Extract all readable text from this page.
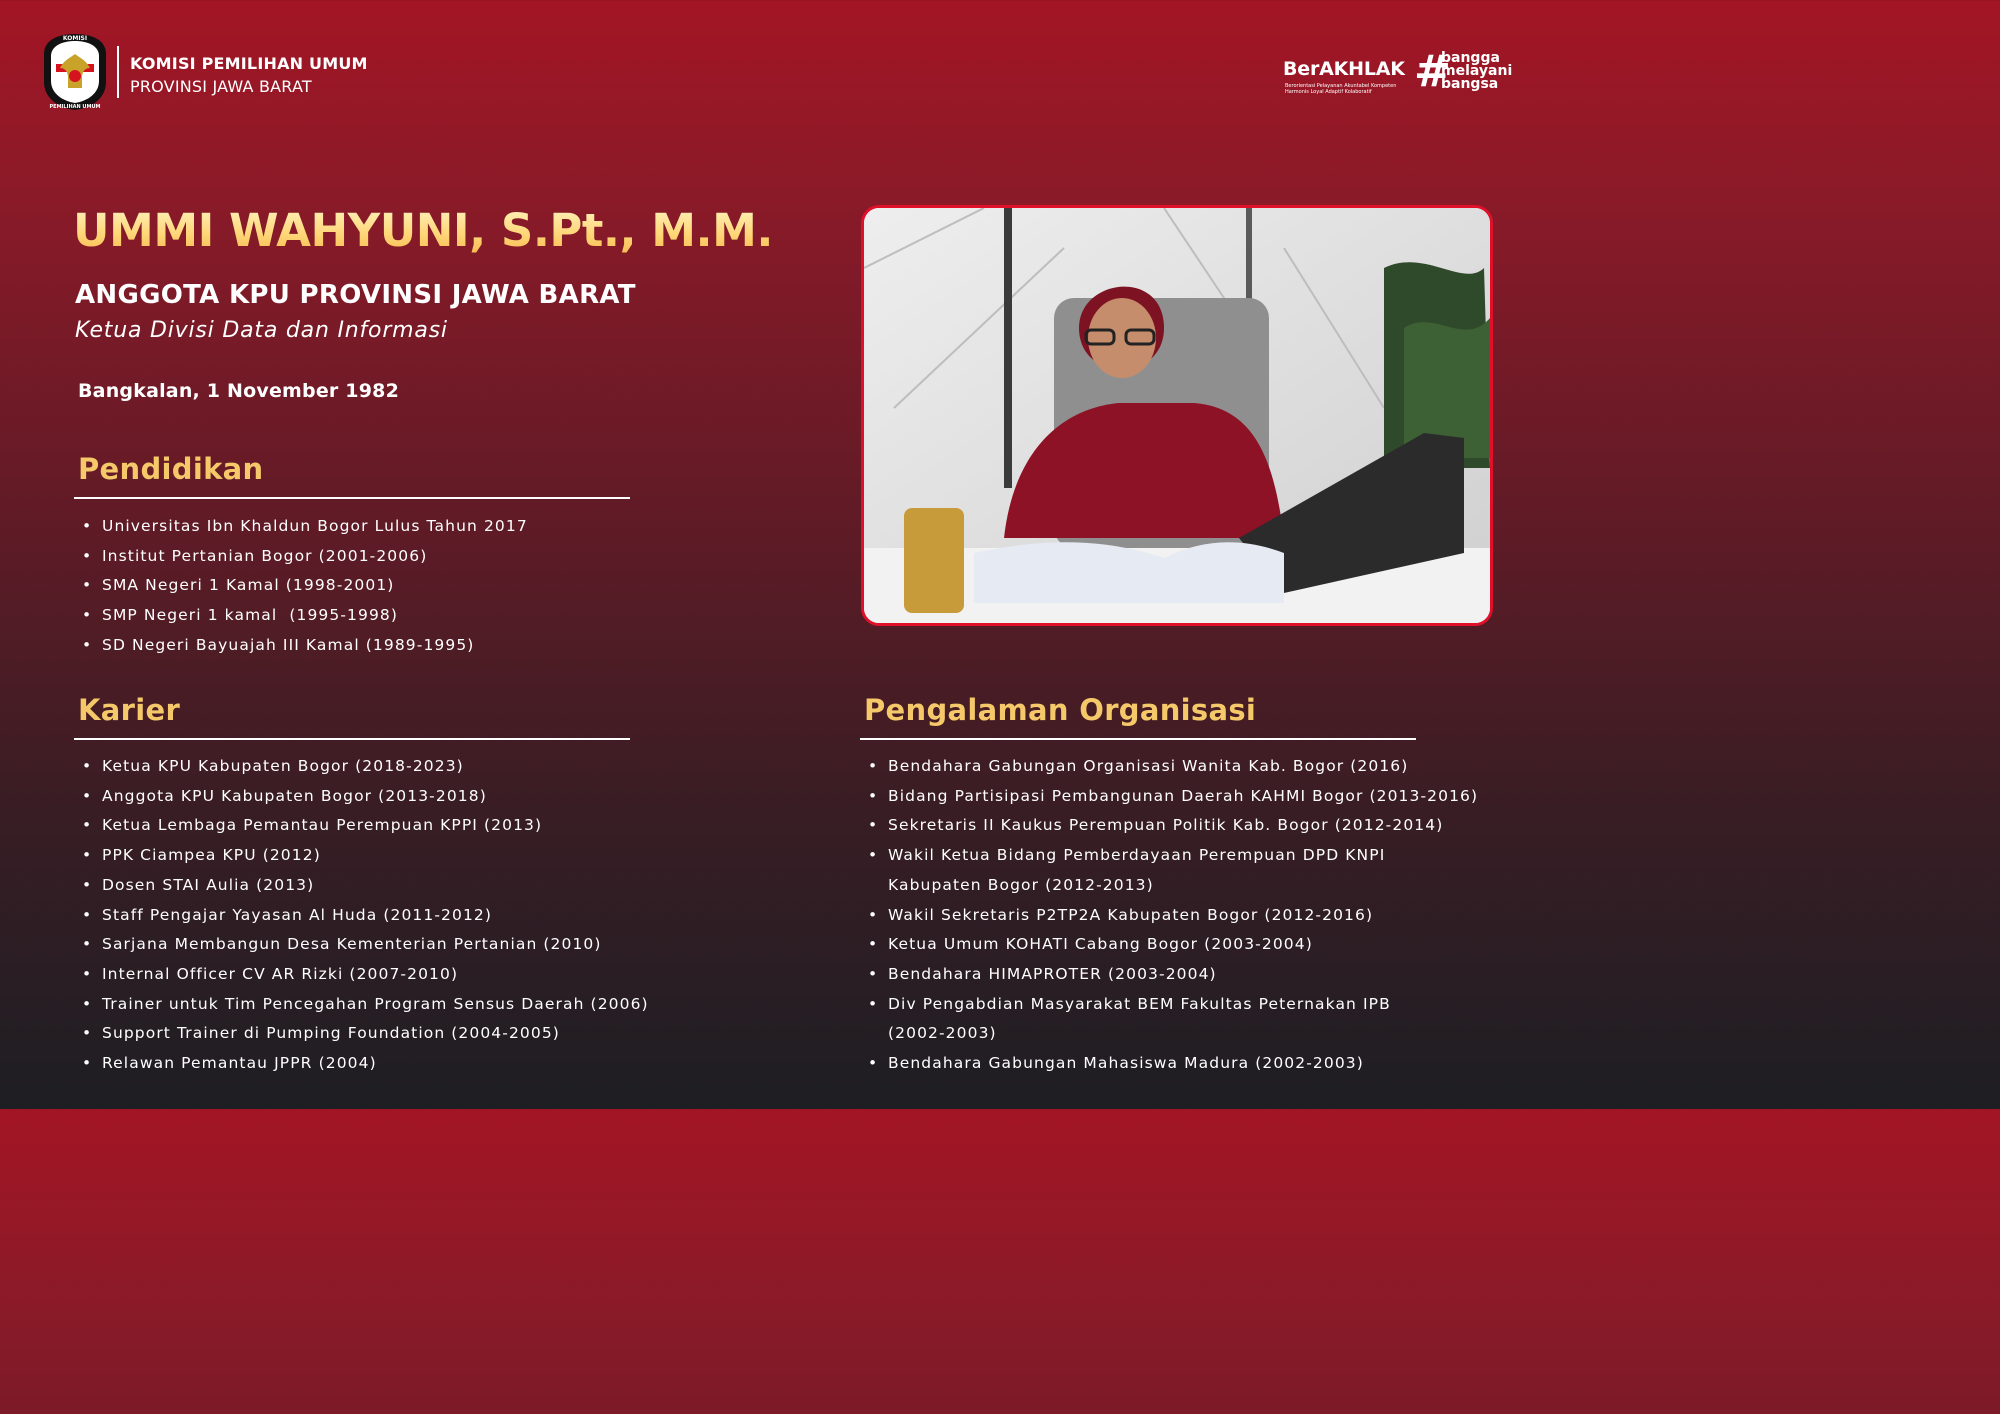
KOMISI
PEMILIHAN UMUM
KOMISI PEMILIHAN UMUM
PROVINSI JAWA BARAT
BerAKHLAK
Berorientasi Pelayanan Akuntabel Kompeten Harmonis Loyal Adaptif Kolaboratif #
bangga
melayani
bangsa
UMMI WAHYUNI, S.Pt., M.M.
ANGGOTA KPU PROVINSI JAWA BARAT
Ketua Divisi Data dan Informasi
Bangkalan, 1 November 1982
Pendidikan
• Universitas Ibn Khaldun Bogor Lulus Tahun 2017
• Institut Pertanian Bogor (2001-2006)
• SMA Negeri 1 Kamal (1998-2001)
• SMP Negeri 1 kamal  (1995-1998)
• SD Negeri Bayuajah III Kamal (1989-1995)
Karier
• Ketua KPU Kabupaten Bogor (2018-2023)
• Anggota KPU Kabupaten Bogor (2013-2018)
• Ketua Lembaga Pemantau Perempuan KPPI (2013)
• PPK Ciampea KPU (2012)
• Dosen STAI Aulia (2013)
• Staff Pengajar Yayasan Al Huda (2011-2012)
• Sarjana Membangun Desa Kementerian Pertanian (2010)
• Internal Officer CV AR Rizki (2007-2010)
• Trainer untuk Tim Pencegahan Program Sensus Daerah (2006)
• Support Trainer di Pumping Foundation (2004-2005)
• Relawan Pemantau JPPR (2004)
Pengalaman Organisasi
• Bendahara Gabungan Organisasi Wanita Kab. Bogor (2016)
• Bidang Partisipasi Pembangunan Daerah KAHMI Bogor (2013-2016)
• Sekretaris II Kaukus Perempuan Politik Kab. Bogor (2012-2014)
• Wakil Ketua Bidang Pemberdayaan Perempuan DPD KNPI Kabupaten Bogor (2012-2013)
• Wakil Sekretaris P2TP2A Kabupaten Bogor (2012-2016)
• Ketua Umum KOHATI Cabang Bogor (2003-2004)
• Bendahara HIMAPROTER (2003-2004)
• Div Pengabdian Masyarakat BEM Fakultas Peternakan IPB (2002-2003)
• Bendahara Gabungan Mahasiswa Madura (2002-2003)
